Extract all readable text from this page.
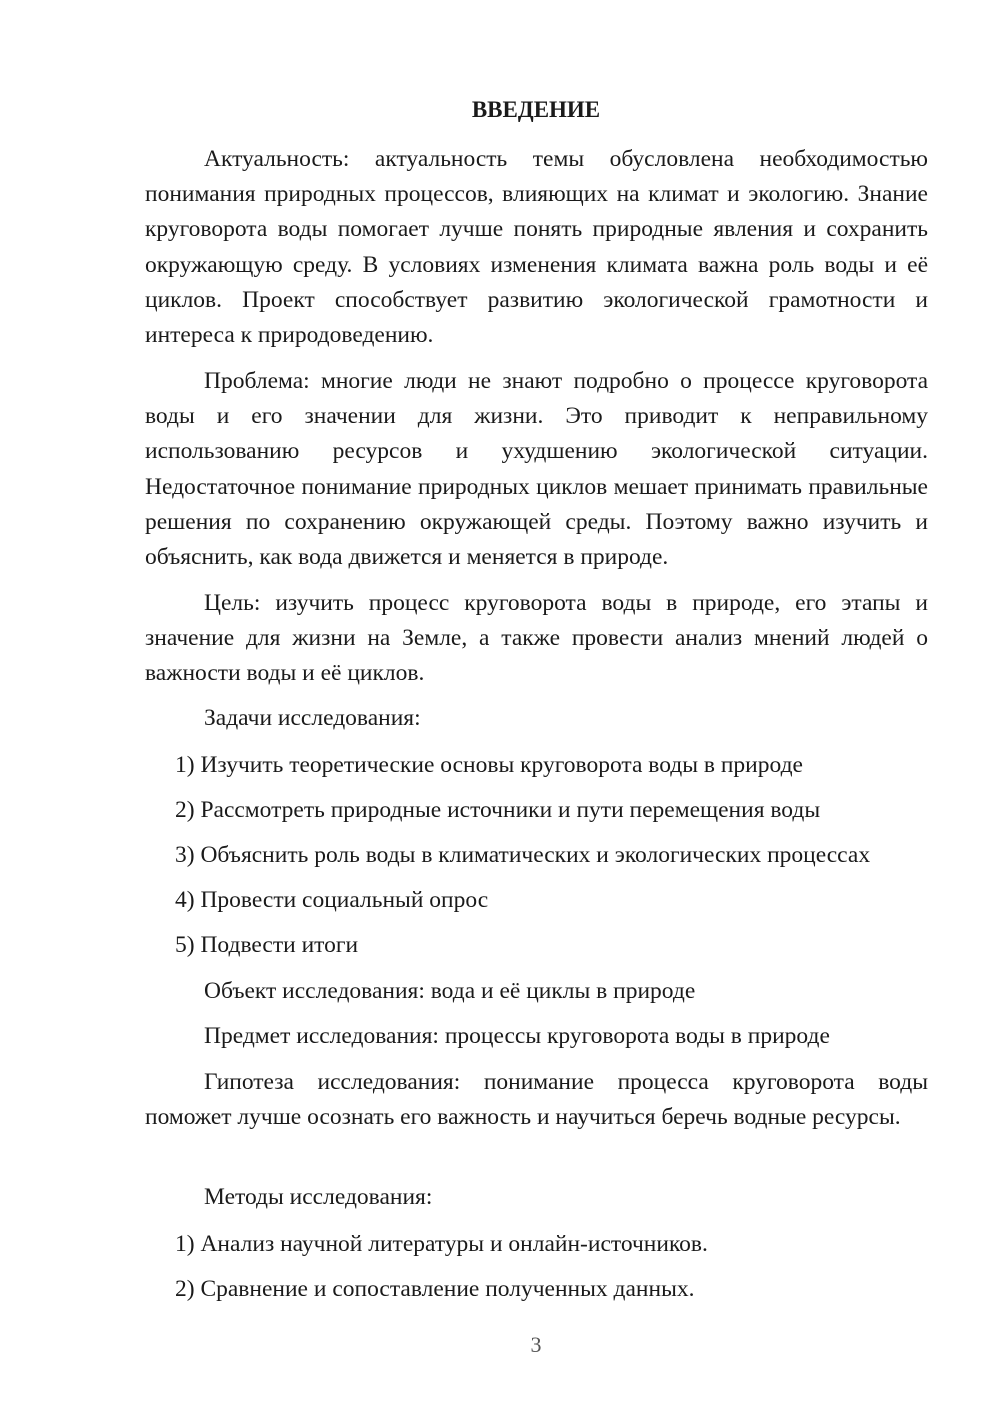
ВВЕДЕНИЕ

Актуальность: актуальность темы обусловлена необходимостью понимания природных процессов, влияющих на климат и экологию. Знание круговорота воды помогает лучше понять природные явления и сохранить окружающую среду. В условиях изменения климата важна роль воды и её циклов. Проект способствует развитию экологической грамотности и интереса к природоведению.

Проблема: многие люди не знают подробно о процессе круговорота воды и его значении для жизни. Это приводит к неправильному использованию ресурсов и ухудшению экологической ситуации. Недостаточное понимание природных циклов мешает принимать правильные решения по сохранению окружающей среды. Поэтому важно изучить и объяснить, как вода движется и меняется в природе.

Цель: изучить процесс круговорота воды в природе, его этапы и значение для жизни на Земле, а также провести анализ мнений людей о важности воды и её циклов.

Задачи исследования:

1) Изучить теоретические основы круговорота воды в природе

2) Рассмотреть природные источники и пути перемещения воды

3) Объяснить роль воды в климатических и экологических процессах

4) Провести социальный опрос

5) Подвести итоги

Объект исследования: вода и её циклы в природе

Предмет исследования: процессы круговорота воды в природе

Гипотеза исследования: понимание процесса круговорота воды поможет лучше осознать его важность и научиться беречь водные ресурсы.

Методы исследования:

1) Анализ научной литературы и онлайн-источников.

2) Сравнение и сопоставление полученных данных.

3
